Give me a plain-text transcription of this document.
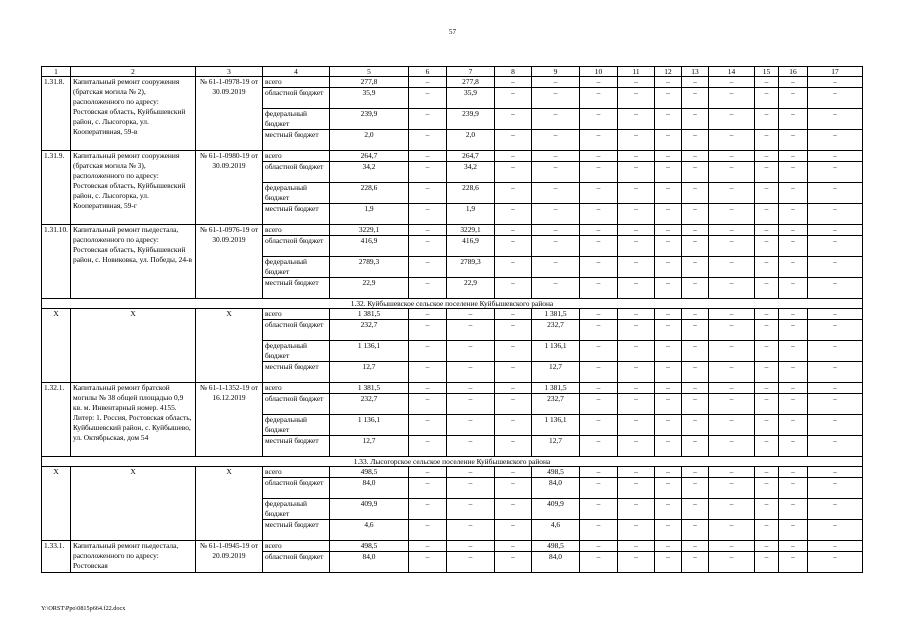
57
1	2	3	4	5	6	7	8	9	10	11	12	13	14	15	16	17
1.31.8.	Капитальный ремонт сооружения (братская могила № 2), расположенного по адресу: Ростовская область, Куйбышевский район, с. Лысогорка, ул. Кооперативная, 59-в	№ 61-1-0978-19 от 30.09.2019	всего	277,8	–	277,8	–	–	–	–	–	–	–	–	–	–
			областной бюджет	35,9	–	35,9	–	–	–	–	–	–	–	–	–	–
			федеральный бюджет	239,9	–	239,9	–	–	–	–	–	–	–	–	–	–
			местный бюджет	2,0	–	2,0	–	–	–	–	–	–	–	–	–	–
1.31.9.	Капитальный ремонт сооружения (братская могила № 3), расположенного по адресу: Ростовская область, Куйбышевский район, с. Лысогорка, ул. Кооперативная, 59-г	№ 61-1-0980-19 от 30.09.2019	всего	264,7	–	264,7	–	–	–	–	–	–	–	–	–	–
			областной бюджет	34,2	–	34,2	–	–	–	–	–	–	–	–	–	–
			федеральный бюджет	228,6	–	228,6	–	–	–	–	–	–	–	–	–	–
			местный бюджет	1,9	–	1,9	–	–	–	–	–	–	–	–	–	–
1.31.10.	Капитальный ремонт пьедестала, расположенного по адресу: Ростовская область, Куйбышевский район, с. Новиковка, ул. Победы, 24-в	№ 61-1-0976-19 от 30.09.2019	всего	3229,1	–	3229,1	–	–	–	–	–	–	–	–	–	–
			областной бюджет	416,9	–	416,9	–	–	–	–	–	–	–	–	–	–
			федеральный бюджет	2789,3	–	2789,3	–	–	–	–	–	–	–	–	–	–
			местный бюджет	22,9	–	22,9	–	–	–	–	–	–	–	–	–	–
1.32. Куйбышевское сельское поселение Куйбышевского района																
Х	Х	Х	всего	1 381,5	–	–	–	1 381,5	–	–	–	–	–	–	–	–
			областной бюджет	232,7	–	–	–	232,7	–	–	–	–	–	–	–	–
			федеральный бюджет	1 136,1	–	–	–	1 136,1	–	–	–	–	–	–	–	–
			местный бюджет	12,7	–	–	–	12,7	–	–	–	–	–	–	–	–
1.32.1.	Капитальный ремонт братской могилы № 38 общей площадью 0,9 кв. м. Инвентарный номер. 4155. Литер: 1. Россия, Ростовская область, Куйбышевский район, с. Куйбышево, ул. Октябрьская, дом 54	№ 61-1-1352-19 от 16.12.2019	всего	1 381,5	–	–	–	1 381,5	–	–	–	–	–	–	–	–
			областной бюджет	232,7	–	–	–	232,7	–	–	–	–	–	–	–	–
			федеральный бюджет	1 136,1	–	–	–	1 136,1	–	–	–	–	–	–	–	–
			местный бюджет	12,7	–	–	–	12,7	–	–	–	–	–	–	–	–
1.33. Лысогорское сельское поселение Куйбышевского района																
Х	Х	Х	всего	498,5	–	–	–	498,5	–	–	–	–	–	–	–	–
			областной бюджет	84,0	–	–	–	84,0	–	–	–	–	–	–	–	–
			федеральный бюджет	409,9	–	–	–	409,9	–	–	–	–	–	–	–	–
			местный бюджет	4,6	–	–	–	4,6	–	–	–	–	–	–	–	–
1.33.1.	Капитальный ремонт пьедестала, расположенного по адресу: Ростовская	№ 61-1-0945-19 от 20.09.2019	всего	498,5	–	–	–	498,5	–	–	–	–	–	–	–	–
			областной бюджет	84,0	–	–	–	84,0	–	–	–	–	–	–	–	–
Y:\ORST\Ppo\0815p664.f22.docx
